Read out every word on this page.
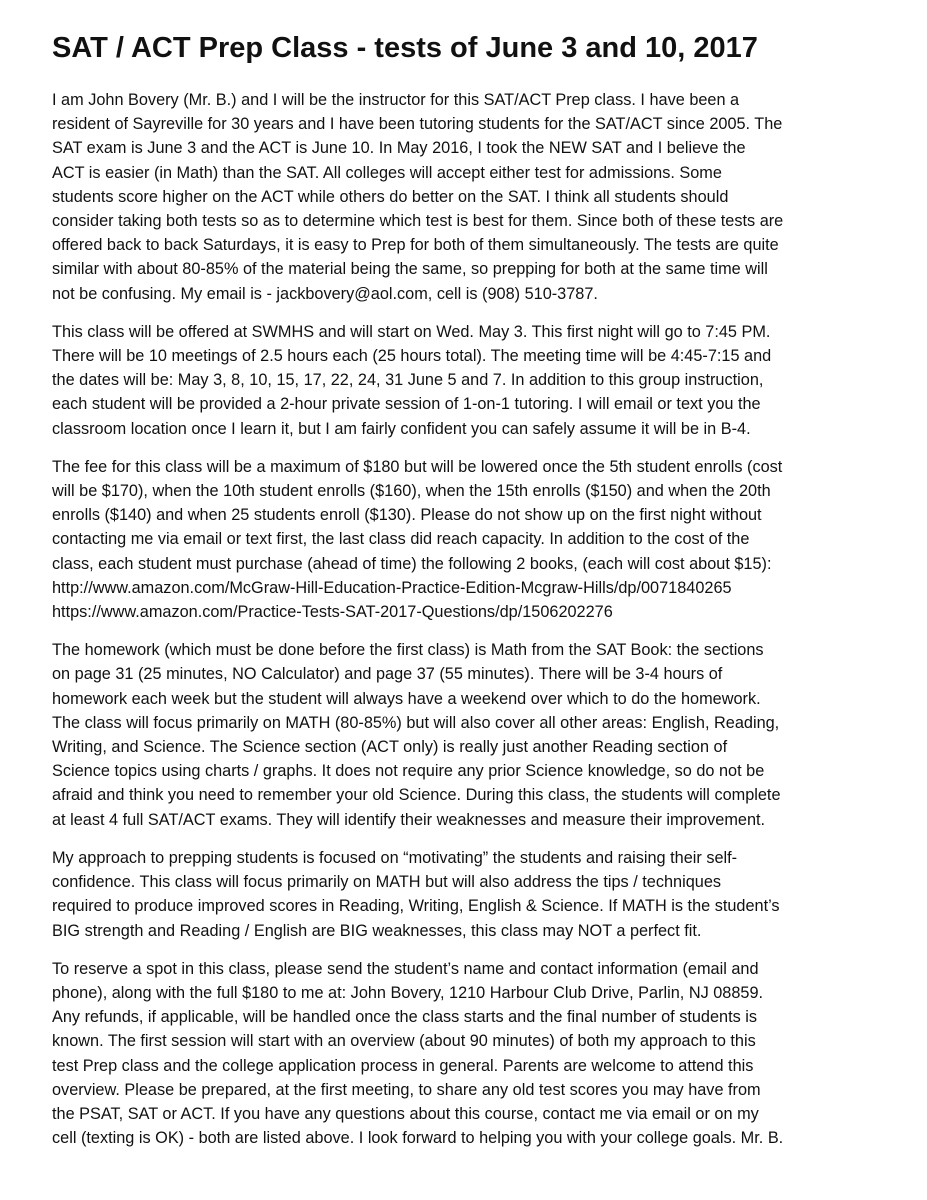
SAT / ACT Prep Class - tests of June 3 and 10, 2017
I am John Bovery (Mr. B.) and I will be the instructor for this SAT/ACT Prep class. I have been a
resident of Sayreville for 30 years and I have been tutoring students for the SAT/ACT since 2005. The
SAT exam is June 3 and the ACT is June 10. In May 2016, I took the NEW SAT and I believe the
ACT is easier (in Math) than the SAT. All colleges will accept either test for admissions. Some
students score higher on the ACT while others do better on the SAT. I think all students should
consider taking both tests so as to determine which test is best for them. Since both of these tests are
offered back to back Saturdays, it is easy to Prep for both of them simultaneously. The tests are quite
similar with about 80-85% of the material being the same, so prepping for both at the same time will
not be confusing. My email is - jackbovery@aol.com, cell is (908) 510-3787.
This class will be offered at SWMHS and will start on Wed. May 3. This first night will go to 7:45 PM.
There will be 10 meetings of 2.5 hours each (25 hours total). The meeting time will be 4:45-7:15 and
the dates will be: May 3, 8, 10, 15, 17, 22, 24, 31 June 5 and 7. In addition to this group instruction,
each student will be provided a 2-hour private session of 1-on-1 tutoring. I will email or text you the
classroom location once I learn it, but I am fairly confident you can safely assume it will be in B-4.
The fee for this class will be a maximum of $180 but will be lowered once the 5th student enrolls (cost
will be $170), when the 10th student enrolls ($160), when the 15th enrolls ($150) and when the 20th
enrolls ($140) and when 25 students enroll ($130). Please do not show up on the first night without
contacting me via email or text first, the last class did reach capacity. In addition to the cost of the
class, each student must purchase (ahead of time) the following 2 books, (each will cost about $15):
http://www.amazon.com/McGraw-Hill-Education-Practice-Edition-Mcgraw-Hills/dp/0071840265
https://www.amazon.com/Practice-Tests-SAT-2017-Questions/dp/1506202276
The homework (which must be done before the first class) is Math from the SAT Book: the sections
on page 31 (25 minutes, NO Calculator) and page 37 (55 minutes). There will be 3-4 hours of
homework each week but the student will always have a weekend over which to do the homework.
The class will focus primarily on MATH (80-85%) but will also cover all other areas: English, Reading,
Writing, and Science. The Science section (ACT only) is really just another Reading section of
Science topics using charts / graphs. It does not require any prior Science knowledge, so do not be
afraid and think you need to remember your old Science. During this class, the students will complete
at least 4 full SAT/ACT exams. They will identify their weaknesses and measure their improvement.
My approach to prepping students is focused on “motivating” the students and raising their self-
confidence. This class will focus primarily on MATH but will also address the tips / techniques
required to produce improved scores in Reading, Writing, English & Science. If MATH is the student’s
BIG strength and Reading / English are BIG weaknesses, this class may NOT a perfect fit.
To reserve a spot in this class, please send the student’s name and contact information (email and
phone), along with the full $180 to me at: John Bovery, 1210 Harbour Club Drive, Parlin, NJ 08859.
Any refunds, if applicable, will be handled once the class starts and the final number of students is
known. The first session will start with an overview (about 90 minutes) of both my approach to this
test Prep class and the college application process in general. Parents are welcome to attend this
overview. Please be prepared, at the first meeting, to share any old test scores you may have from
the PSAT, SAT or ACT. If you have any questions about this course, contact me via email or on my
cell (texting is OK) - both are listed above. I look forward to helping you with your college goals. Mr. B.
